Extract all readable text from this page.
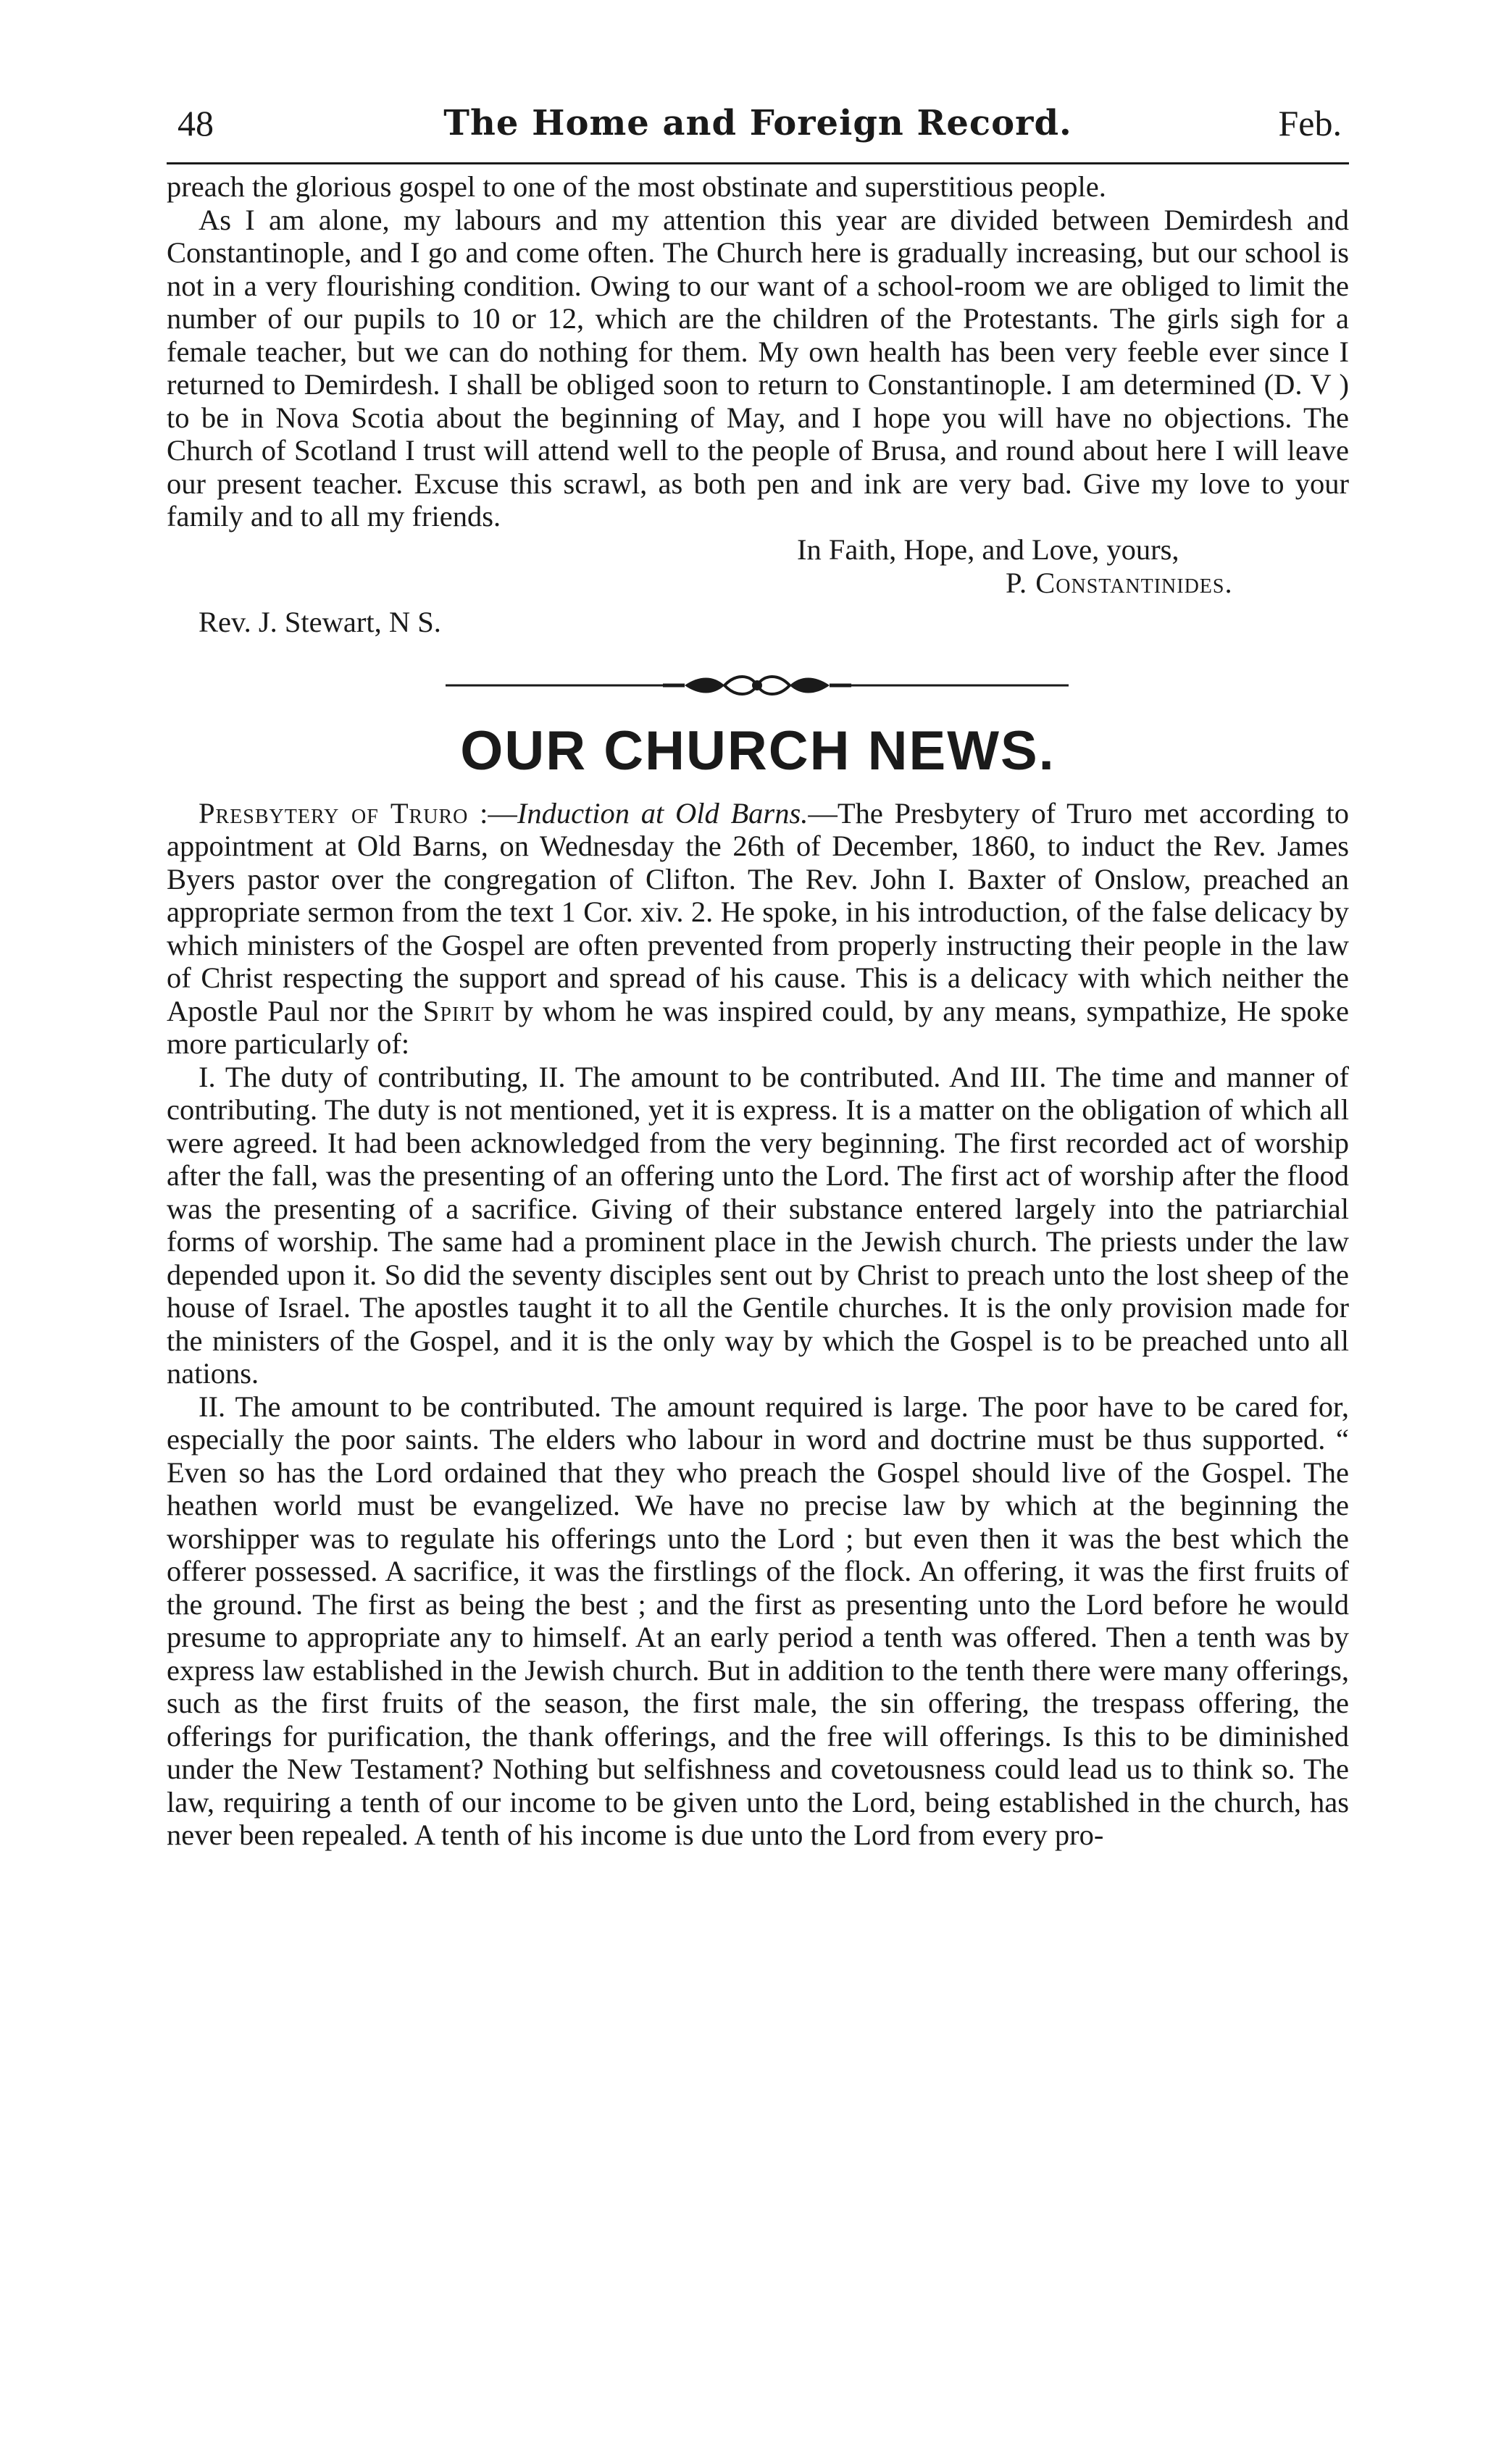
48	The Home and Foreign Record.	Feb.

preach the glorious gospel to one of the most obstinate and superstitious people.

As I am alone, my labours and my attention this year are divided between Demirdesh and Constantinople, and I go and come often. The Church here is gradually increasing, but our school is not in a very flourishing condition. Owing to our want of a school-room we are obliged to limit the number of our pupils to 10 or 12, which are the children of the Protestants. The girls sigh for a female teacher, but we can do nothing for them. My own health has been very feeble ever since I returned to Demirdesh. I shall be obliged soon to return to Constantinople. I am determined (D. V ) to be in Nova Scotia about the beginning of May, and I hope you will have no objections. The Church of Scotland I trust will attend well to the people of Brusa, and round about here I will leave our present teacher. Excuse this scrawl, as both pen and ink are very bad. Give my love to your family and to all my friends.

In Faith, Hope, and Love, yours,
P. Constantinides.
Rev. J. Stewart, N S.
OUR CHURCH NEWS.

Presbytery of Truro :—Induction at Old Barns.—The Presbytery of Truro met according to appointment at Old Barns, on Wednesday the 26th of December, 1860, to induct the Rev. James Byers pastor over the congregation of Clifton. The Rev. John I. Baxter of Onslow, preached an appropriate sermon from the text 1 Cor. xiv. 2. He spoke, in his introduction, of the false delicacy by which ministers of the Gospel are often prevented from properly instructing their people in the law of Christ respecting the support and spread of his cause. This is a delicacy with which neither the Apostle Paul nor the Spirit by whom he was inspired could, by any means, sympathize, He spoke more particularly of:

I. The duty of contributing, II. The amount to be contributed. And III. The time and manner of contributing. The duty is not mentioned, yet it is express. It is a matter on the obligation of which all were agreed. It had been acknowledged from the very beginning. The first recorded act of worship after the fall, was the presenting of an offering unto the Lord. The first act of worship after the flood was the presenting of a sacrifice. Giving of their substance entered largely into the patriarchial forms of worship. The same had a prominent place in the Jewish church. The priests under the law depended upon it. So did the seventy disciples sent out by Christ to preach unto the lost sheep of the house of Israel. The apostles taught it to all the Gentile churches. It is the only provision made for the ministers of the Gospel, and it is the only way by which the Gospel is to be preached unto all nations.

II. The amount to be contributed. The amount required is large. The poor have to be cared for, especially the poor saints. The elders who labour in word and doctrine must be thus supported. “ Even so has the Lord ordained that they who preach the Gospel should live of the Gospel. The heathen world must be evangelized. We have no precise law by which at the beginning the worshipper was to regulate his offerings unto the Lord ; but even then it was the best which the offerer possessed. A sacrifice, it was the firstlings of the flock. An offering, it was the first fruits of the ground. The first as being the best ; and the first as presenting unto the Lord before he would presume to appropriate any to himself. At an early period a tenth was offered. Then a tenth was by express law established in the Jewish church. But in addition to the tenth there were many offerings, such as the first fruits of the season, the first male, the sin offering, the trespass offering, the offerings for purification, the thank offerings, and the free will offerings. Is this to be diminished under the New Testament? Nothing but selfishness and covetousness could lead us to think so. The law, requiring a tenth of our income to be given unto the Lord, being established in the church, has never been repealed. A tenth of his income is due unto the Lord from every pro-
